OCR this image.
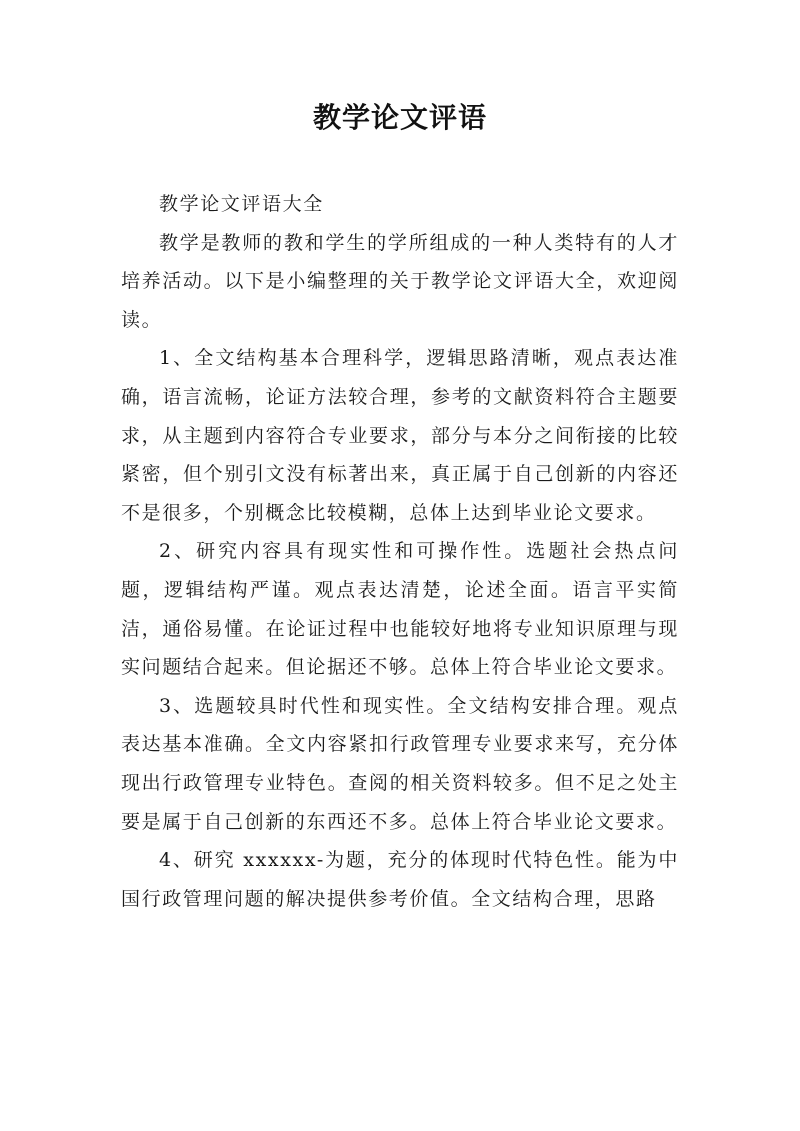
教学论文评语

教学论文评语大全

教学是教师的教和学生的学所组成的一种人类特有的人才培养活动。以下是小编整理的关于教学论文评语大全，欢迎阅读。

1、全文结构基本合理科学，逻辑思路清晰，观点表达准确，语言流畅，论证方法较合理，参考的文献资料符合主题要求，从主题到内容符合专业要求，部分与本分之间衔接的比较紧密，但个别引文没有标著出来，真正属于自己创新的内容还不是很多，个别概念比较模糊，总体上达到毕业论文要求。

2、研究内容具有现实性和可操作性。选题社会热点问题，逻辑结构严谨。观点表达清楚，论述全面。语言平实简洁，通俗易懂。在论证过程中也能较好地将专业知识原理与现实问题结合起来。但论据还不够。总体上符合毕业论文要求。

3、选题较具时代性和现实性。全文结构安排合理。观点表达基本准确。全文内容紧扣行政管理专业要求来写，充分体现出行政管理专业特色。查阅的相关资料较多。但不足之处主要是属于自己创新的东西还不多。总体上符合毕业论文要求。

4、研究 xxxxxx-为题，充分的体现时代特色性。能为中国行政管理问题的解决提供参考价值。全文结构合理，思路
